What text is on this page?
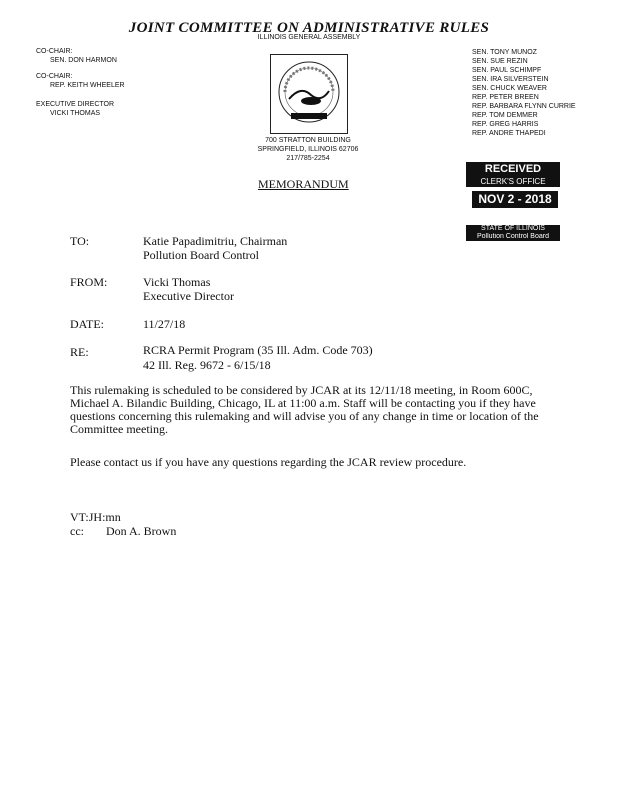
JOINT COMMITTEE ON ADMINISTRATIVE RULES
ILLINOIS GENERAL ASSEMBLY
CO-CHAIR:
SEN. DON HARMON
CO-CHAIR:
REP. KEITH WHEELER
EXECUTIVE DIRECTOR
VICKI THOMAS
700 STRATTON BUILDING
SPRINGFIELD, ILLINOIS 62706
217/785-2254
SEN. TONY MUNOZ
SEN. SUE REZIN
SEN. PAUL SCHIMPF
SEN. IRA SILVERSTEIN
SEN. CHUCK WEAVER
REP. PETER BREEN
REP. BARBARA FLYNN CURRIE
REP. TOM DEMMER
REP. GREG HARRIS
REP. ANDRE THAPEDI
RECEIVED
CLERK'S OFFICE
NOV 2 - 2018
STATE OF ILLINOIS
Pollution Control Board
MEMORANDUM
TO:	Katie Papadimitriu, Chairman
Pollution Board Control
FROM:	Vicki Thomas
Executive Director
DATE:	11/27/18
RE:	RCRA Permit Program (35 Ill. Adm. Code 703)
42 Ill. Reg. 9672 - 6/15/18
This rulemaking is scheduled to be considered by JCAR at its 12/11/18 meeting, in Room 600C, Michael A. Bilandic Building, Chicago, IL at 11:00 a.m. Staff will be contacting you if they have questions concerning this rulemaking and will advise you of any change in time or location of the Committee meeting.
Please contact us if you have any questions regarding the JCAR review procedure.
VT:JH:mn
cc: Don A. Brown
